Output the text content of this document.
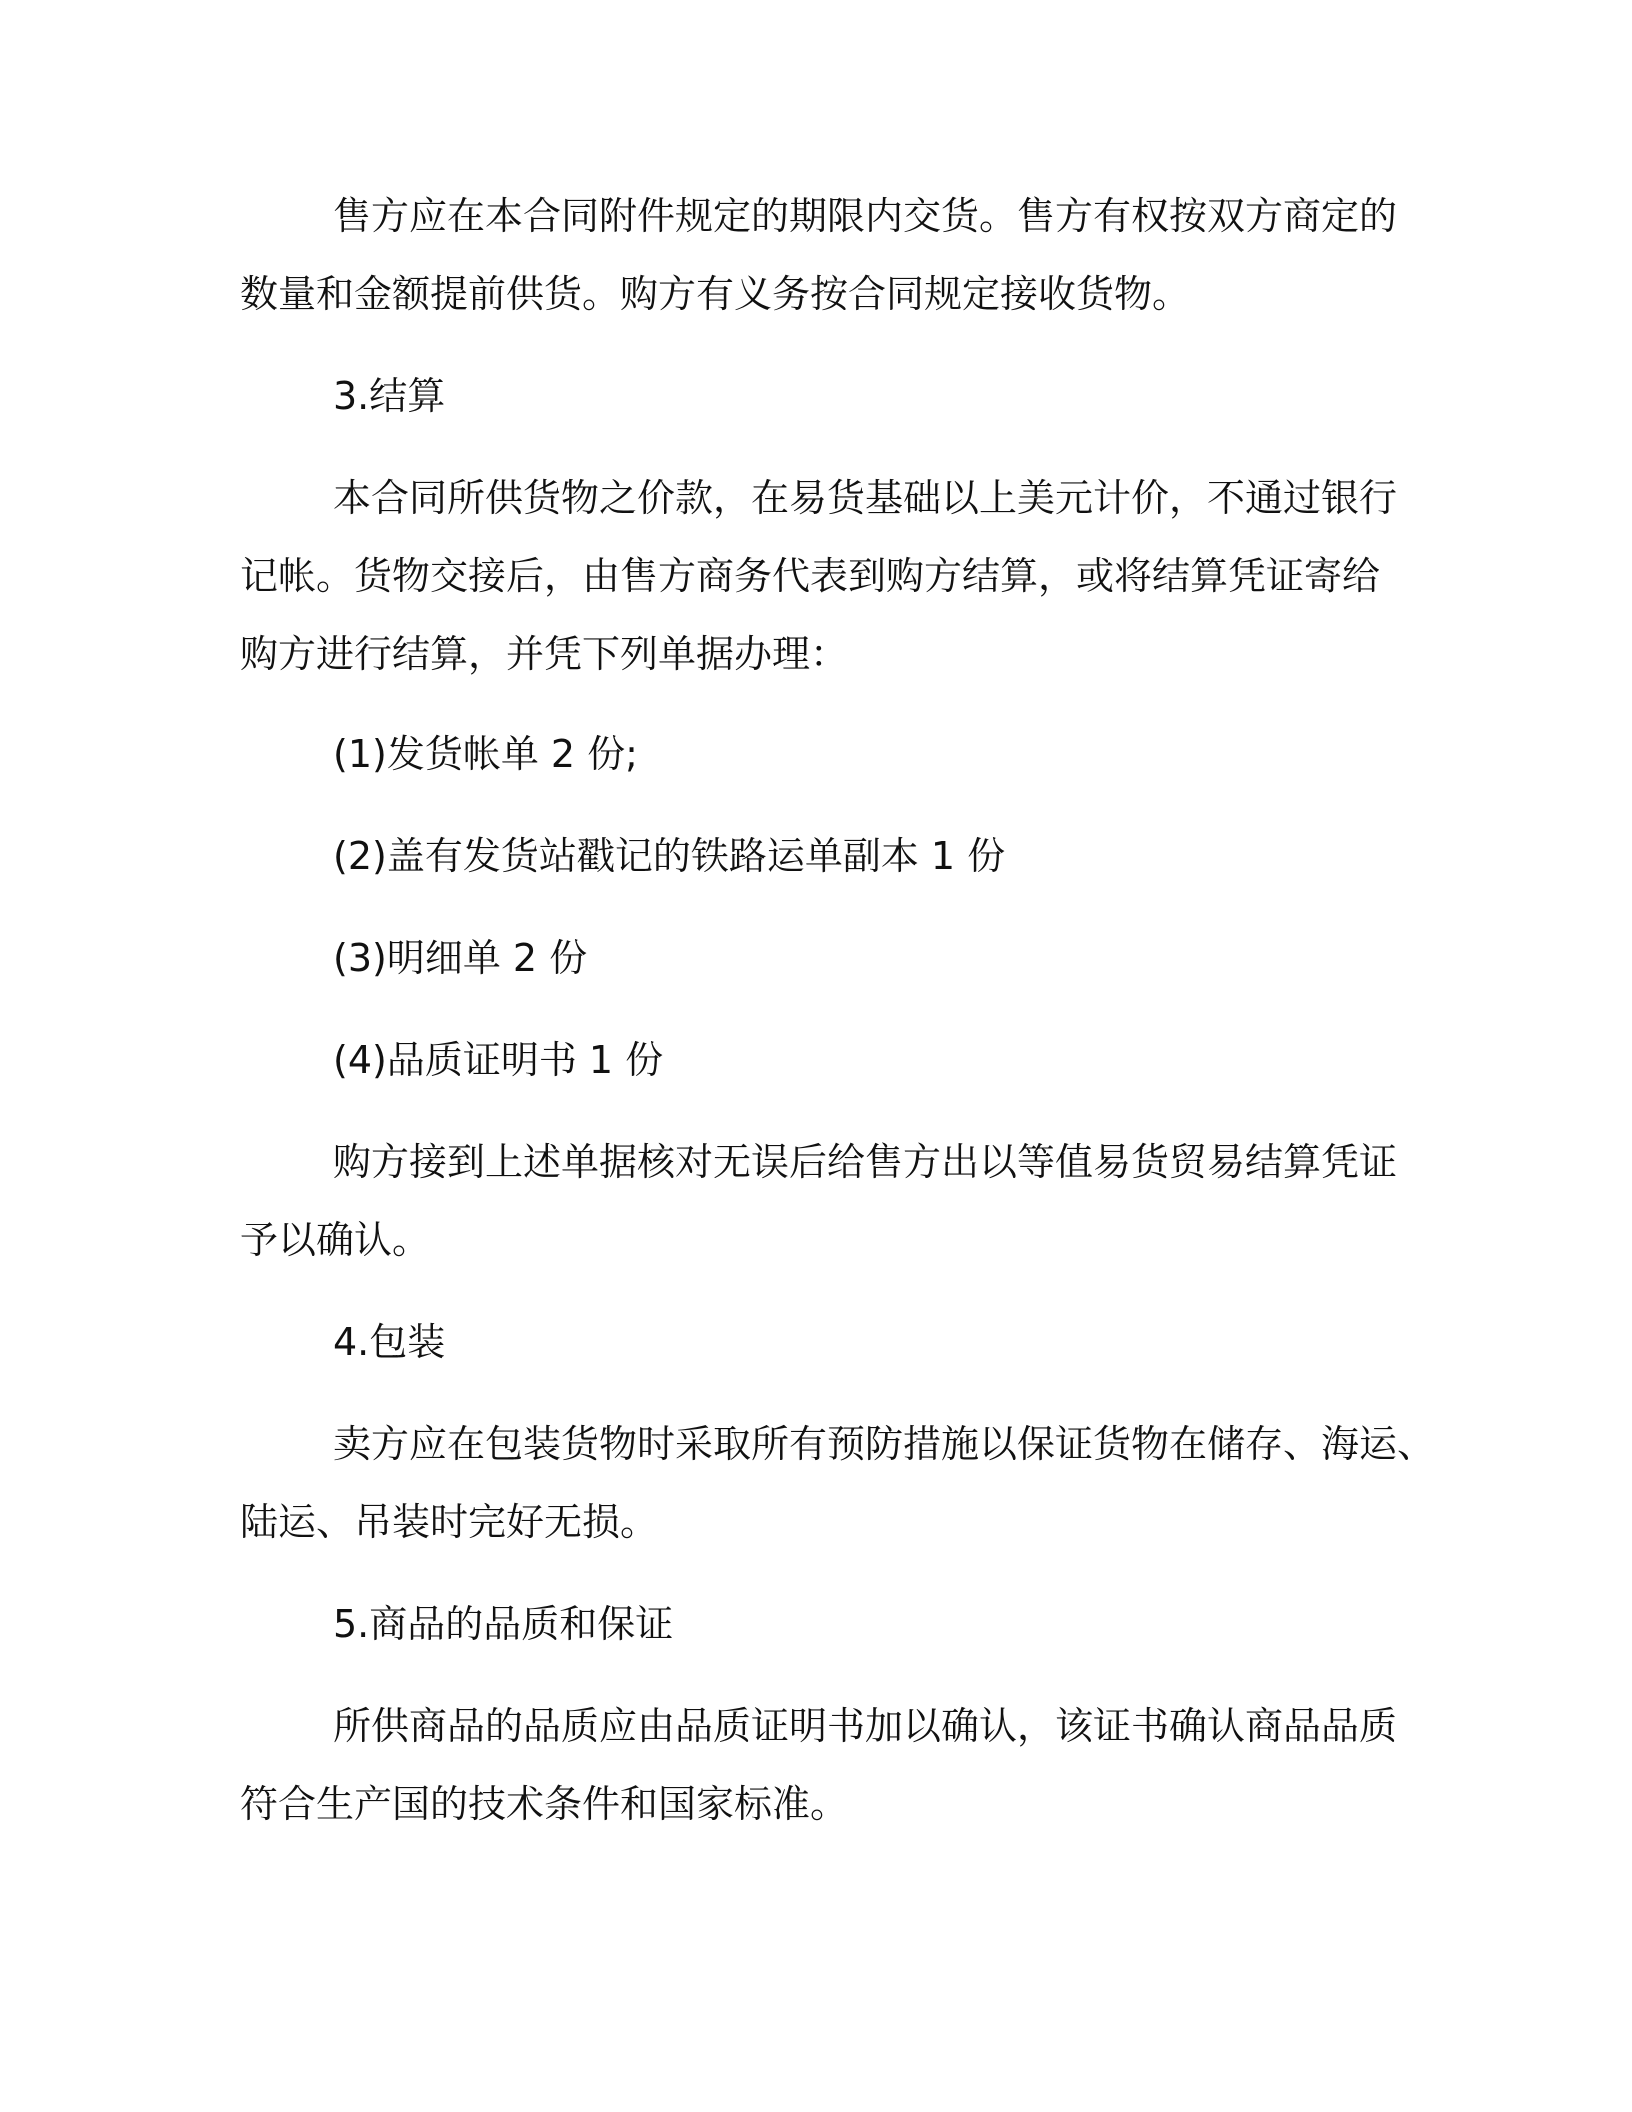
售方应在本合同附件规定的期限内交货。售方有权按双方商定的
数量和金额提前供货。购方有义务按合同规定接收货物。
3.结算
本合同所供货物之价款，在易货基础以上美元计价，不通过银行
记帐。货物交接后，由售方商务代表到购方结算，或将结算凭证寄给
购方进行结算，并凭下列单据办理：
(1)发货帐单 2 份;
(2)盖有发货站戳记的铁路运单副本 1 份
(3)明细单 2 份
(4)品质证明书 1 份
购方接到上述单据核对无误后给售方出以等值易货贸易结算凭证
予以确认。
4.包装
卖方应在包装货物时采取所有预防措施以保证货物在储存、海运、
陆运、吊装时完好无损。
5.商品的品质和保证
所供商品的品质应由品质证明书加以确认，该证书确认商品品质
符合生产国的技术条件和国家标准。
